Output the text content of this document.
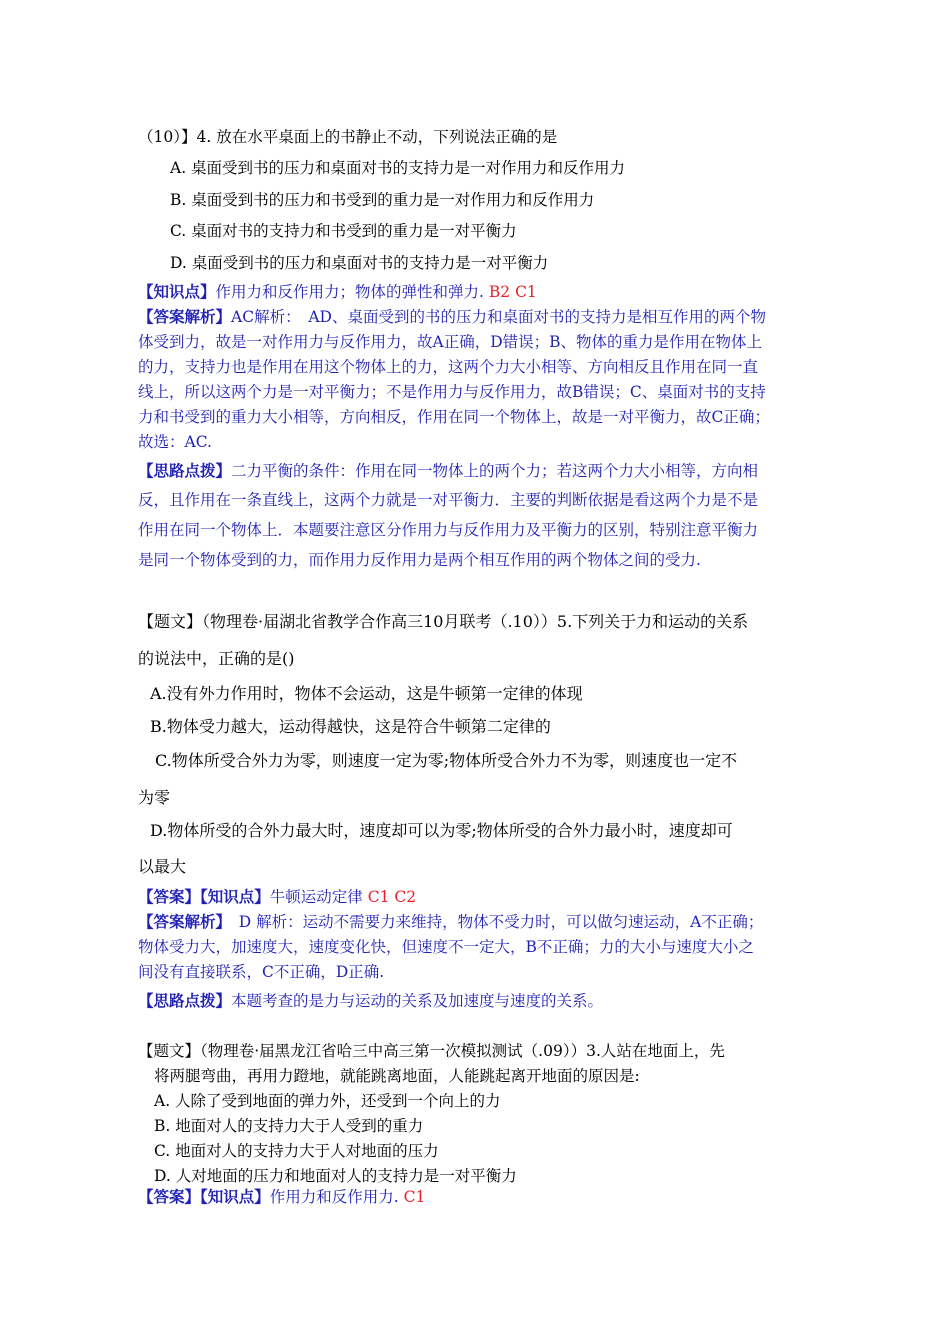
（10）】4. 放在水平桌面上的书静止不动，下列说法正确的是
A. 桌面受到书的压力和桌面对书的支持力是一对作用力和反作用力
B. 桌面受到书的压力和书受到的重力是一对作用力和反作用力
C. 桌面对书的支持力和书受到的重力是一对平衡力
D. 桌面受到书的压力和桌面对书的支持力是一对平衡力
【知识点】作用力和反作用力；物体的弹性和弹力. B2 C1
【答案解析】AC解析：　AD、桌面受到的书的压力和桌面对书的支持力是相互作用的两个物
体受到力，故是一对作用力与反作用力，故A正确，D错误；B、物体的重力是作用在物体上
的力，支持力也是作用在用这个物体上的力，这两个力大小相等、方向相反且作用在同一直
线上，所以这两个力是一对平衡力；不是作用力与反作用力，故B错误；C、桌面对书的支持
力和书受到的重力大小相等，方向相反，作用在同一个物体上，故是一对平衡力，故C正确；
故选：AC.
【思路点拨】二力平衡的条件：作用在同一物体上的两个力；若这两个力大小相等，方向相
反，且作用在一条直线上，这两个力就是一对平衡力．主要的判断依据是看这两个力是不是
作用在同一个物体上．本题要注意区分作用力与反作用力及平衡力的区别，特别注意平衡力
是同一个物体受到的力，而作用力反作用力是两个相互作用的两个物体之间的受力.
【题文】（物理卷·届湖北省教学合作高三10月联考（.10））5.下列关于力和运动的关系
的说法中，正确的是()
A.没有外力作用时，物体不会运动，这是牛顿第一定律的体现
B.物体受力越大，运动得越快，这是符合牛顿第二定律的
C.物体所受合外力为零，则速度一定为零;物体所受合外力不为零，则速度也一定不
为零
D.物体所受的合外力最大时，速度却可以为零;物体所受的合外力最小时，速度却可
以最大
【答案】【知识点】牛顿运动定律 C1 C2
【答案解析】　D 解析：运动不需要力来维持，物体不受力时，可以做匀速运动，A不正确；
物体受力大，加速度大，速度变化快，但速度不一定大，B不正确；力的大小与速度大小之
间没有直接联系，C不正确，D正确.
【思路点拨】本题考查的是力与运动的关系及加速度与速度的关系。
【题文】（物理卷·届黑龙江省哈三中高三第一次模拟测试（.09））3.人站在地面上，先
将两腿弯曲，再用力蹬地，就能跳离地面，人能跳起离开地面的原因是:
A. 人除了受到地面的弹力外，还受到一个向上的力
B. 地面对人的支持力大于人受到的重力
C. 地面对人的支持力大于人对地面的压力
D. 人对地面的压力和地面对人的支持力是一对平衡力
【答案】【知识点】作用力和反作用力. C1
